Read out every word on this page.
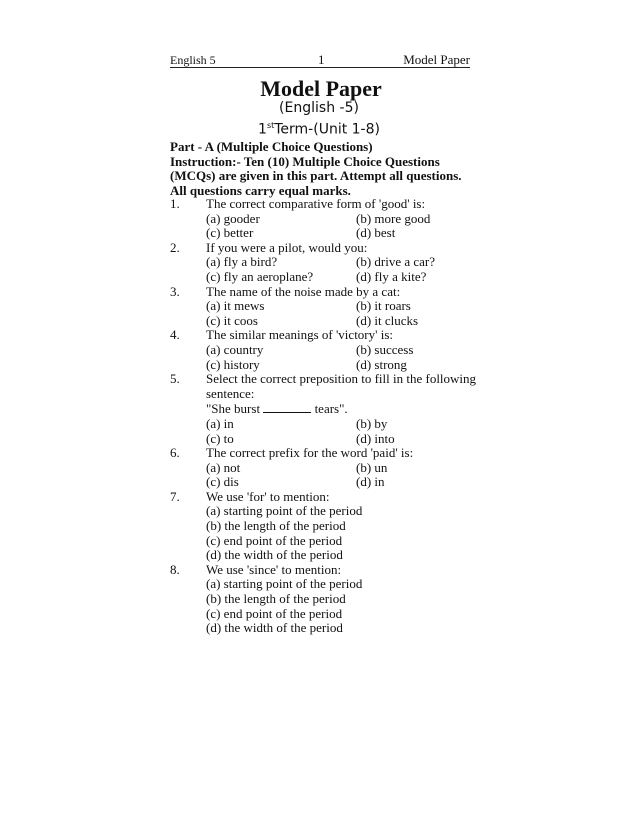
English 5	1	Model Paper
Model Paper
(English -5)
1stTerm-(Unit 1-8)
Part - A (Multiple Choice Questions)
Instruction:- Ten (10) Multiple Choice Questions
(MCQs) are given in this part. Attempt all questions.
All questions carry equal marks.
1.	The correct comparative form of 'good' is:
(a) gooder	(b) more good
(c) better	(d) best
2.	If you were a pilot, would you:
(a) fly a bird?	(b) drive a car?
(c) fly an aeroplane?	(d) fly a kite?
3.	The name of the noise made by a cat:
(a) it mews	(b) it roars
(c) it coos	(d) it clucks
4.	The similar meanings of 'victory' is:
(a) country	(b) success
(c) history	(d) strong
5.	Select the correct preposition to fill in the following sentence:
"She burst	tears".
(a) in	(b) by
(c) to	(d) into
6.	The correct prefix for the word 'paid' is:
(a) not	(b) un
(c) dis	(d) in
7.	We use 'for' to mention:
(a) starting point of the period
(b) the length of the period
(c) end point of the period
(d) the width of the period
8.	We use 'since' to mention:
(a) starting point of the period
(b) the length of the period
(c) end point of the period
(d) the width of the period
